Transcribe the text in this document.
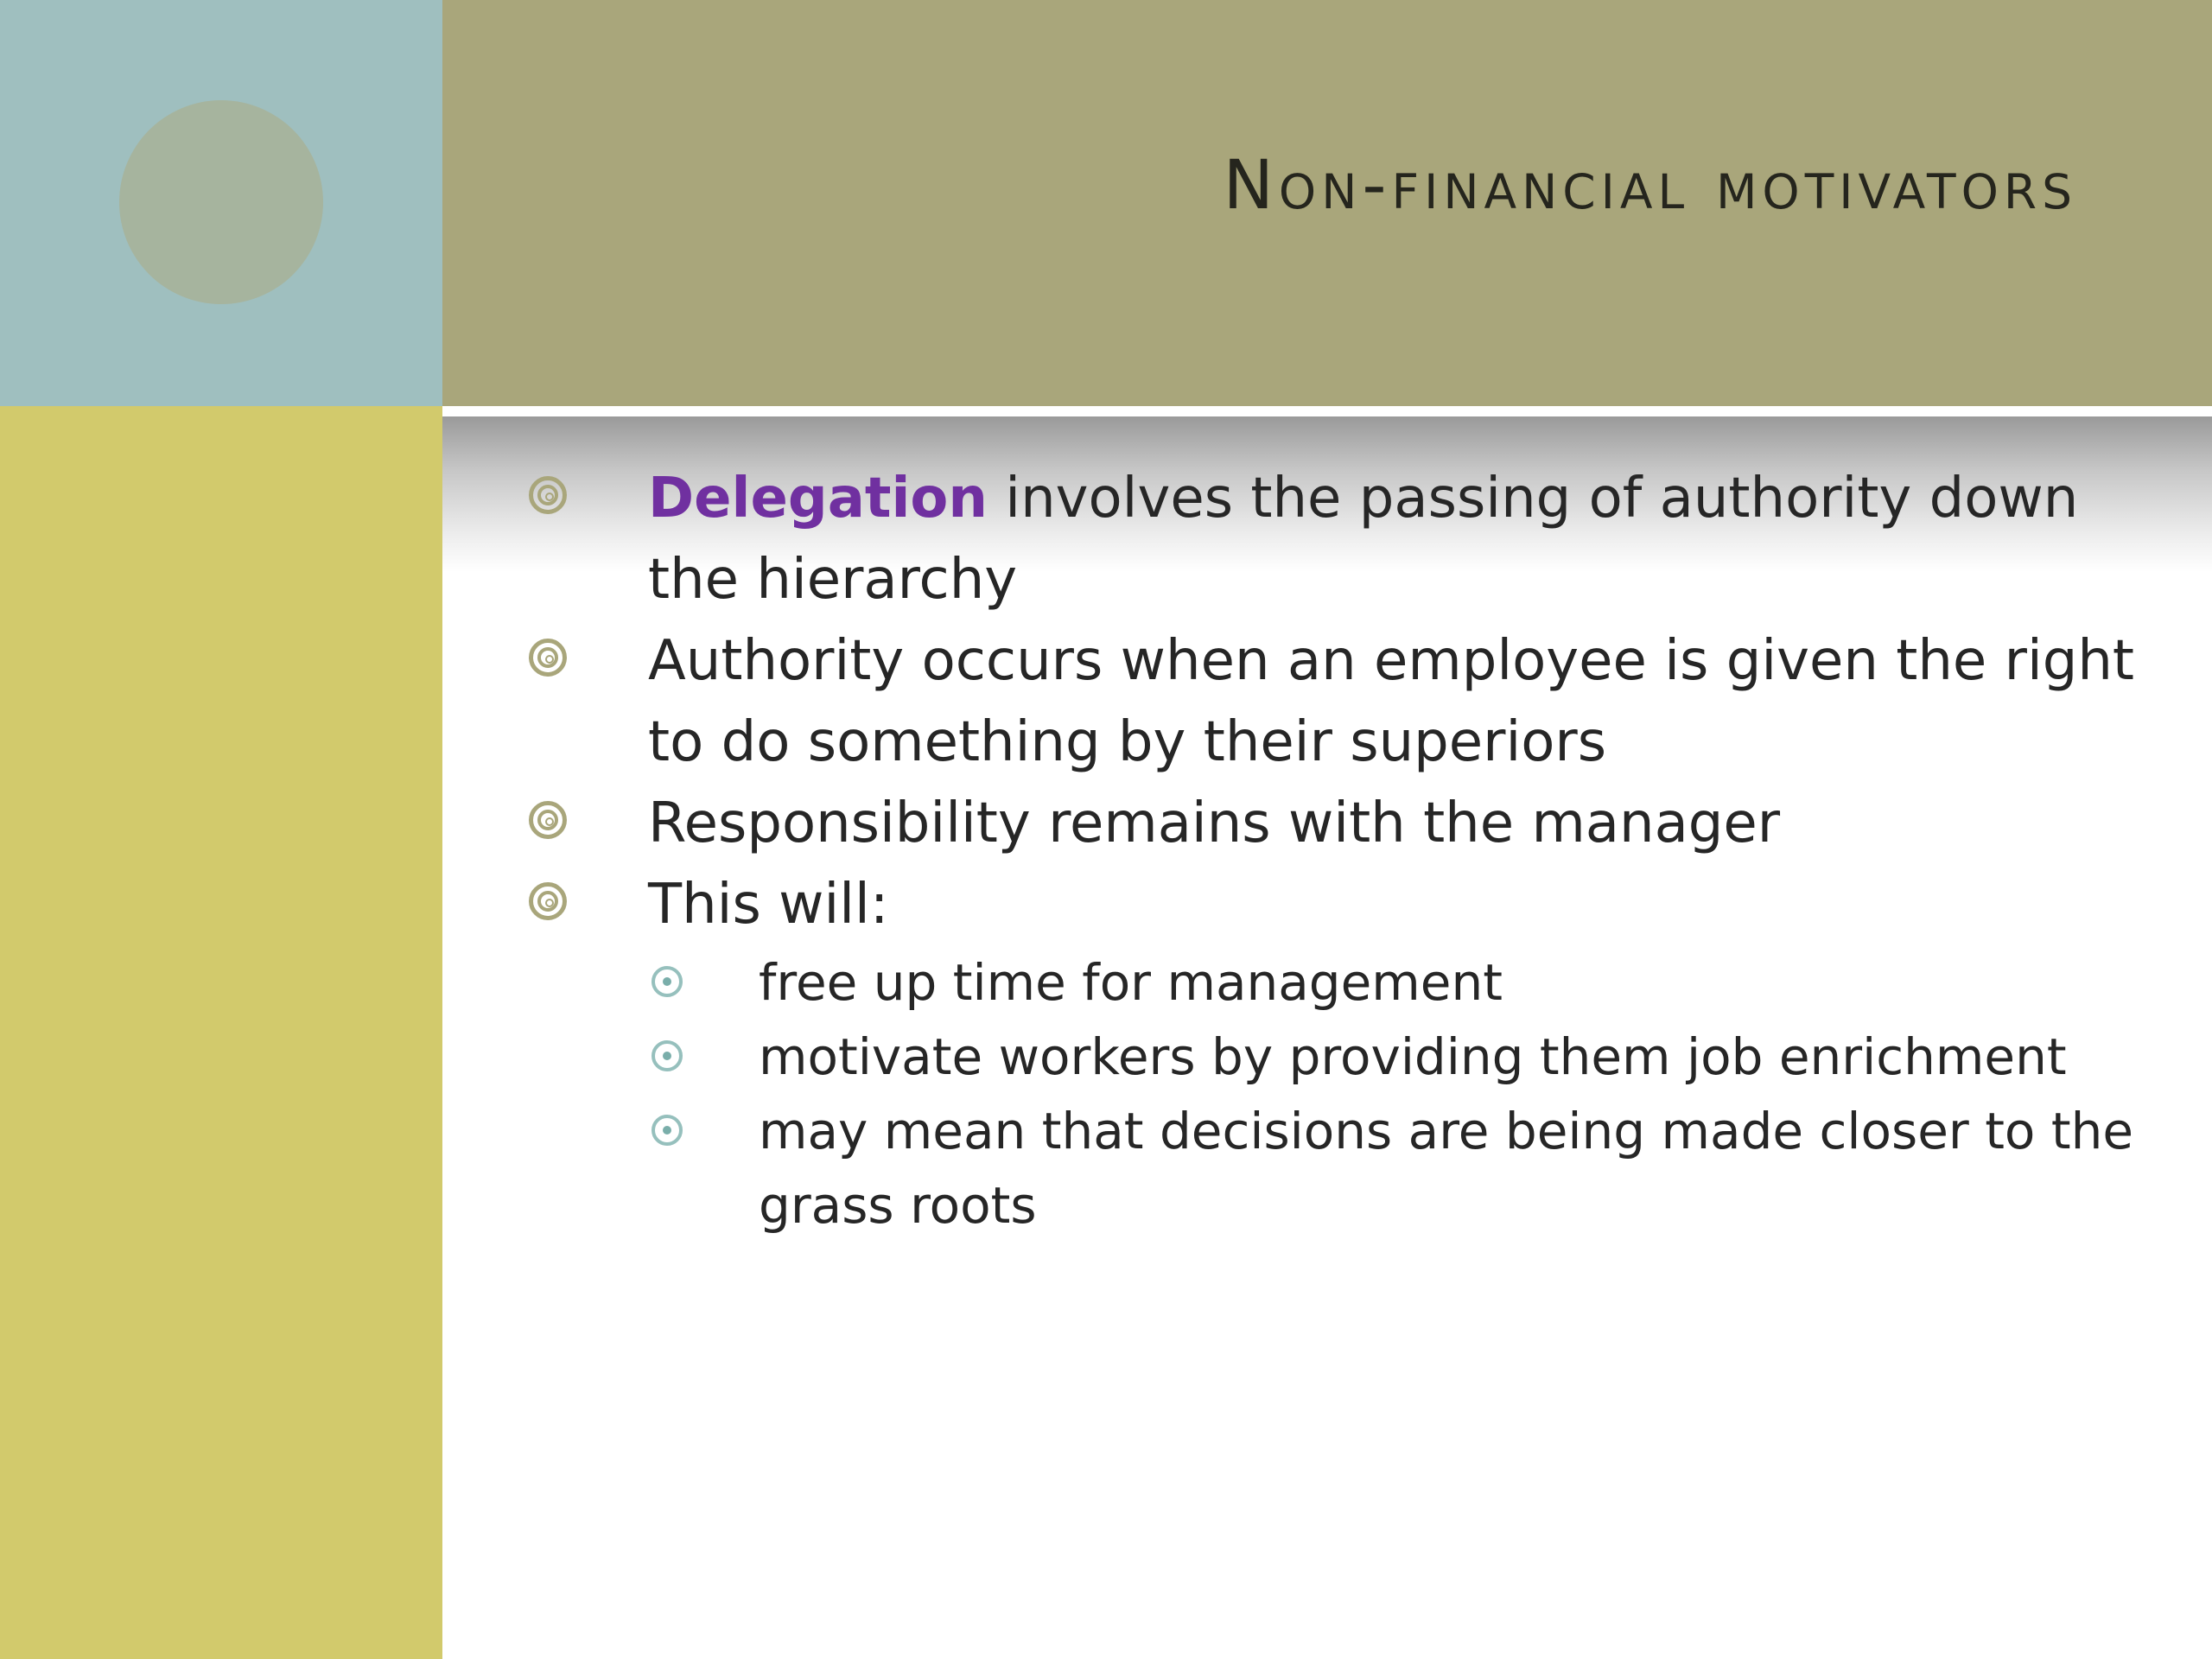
Non-financial motivators
Delegation involves the passing of authority down the hierarchy
Authority occurs when an employee is given the right to do something by their superiors
Responsibility remains with the manager
This will:
free up time for management
motivate workers by providing them job enrichment
may mean that decisions are being made closer to the grass roots
